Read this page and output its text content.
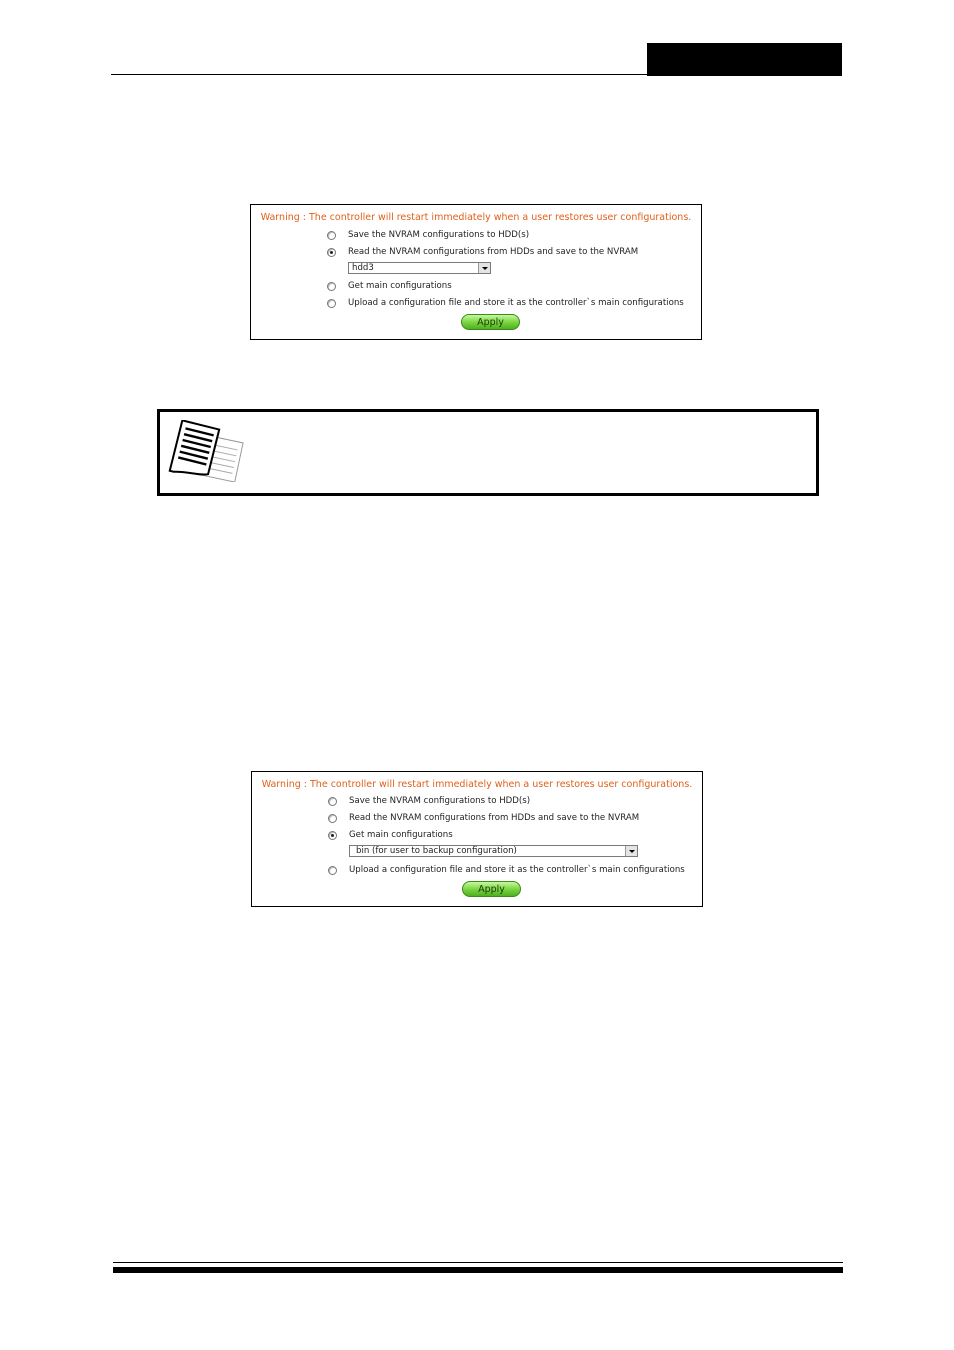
Warning : The controller will restart immediately when a user restores user configurations.
Save the NVRAM configurations to HDD(s)
Read the NVRAM configurations from HDDs and save to the NVRAM
hdd3
Get main configurations
Upload a configuration file and store it as the controller`s main configurations
Apply
Warning : The controller will restart immediately when a user restores user configurations.
Save the NVRAM configurations to HDD(s)
Read the NVRAM configurations from HDDs and save to the NVRAM
Get main configurations
bin (for user to backup configuration)
Upload a configuration file and store it as the controller`s main configurations
Apply
